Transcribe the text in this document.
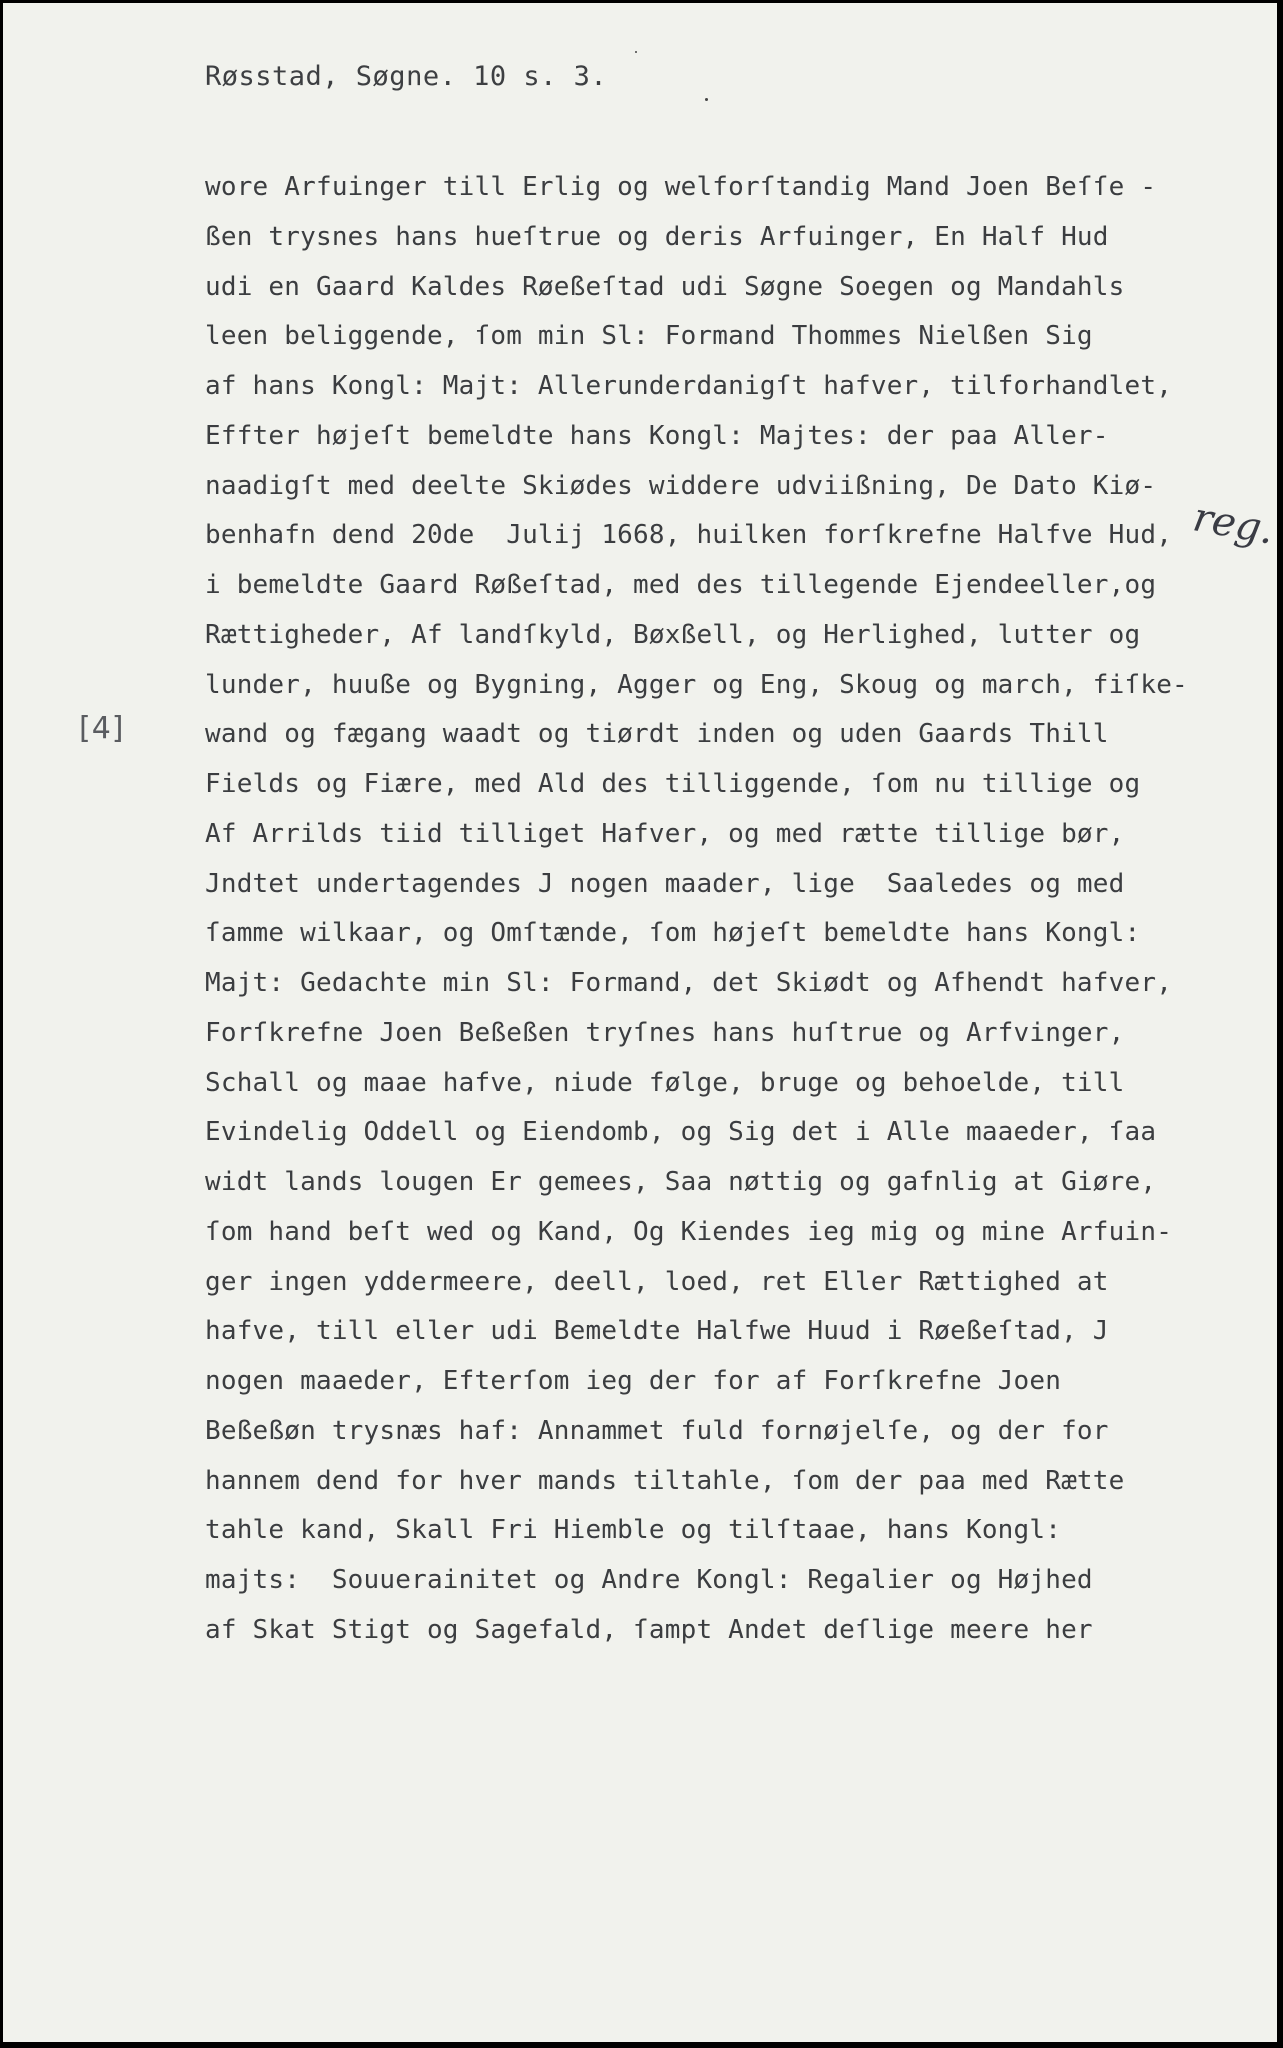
Røsstad, Søgne. 10 s. 3.
wore Arfuinger till Erlig og welforſtandig Mand Joen Beſſe -
ßen trysnes hans hueſtrue og deris Arfuinger, En Half Hud
udi en Gaard Kaldes Røeßeſtad udi Søgne Soegen og Mandahls
leen beliggende, ſom min Sl: Formand Thommes Nielßen Sig
af hans Kongl: Majt: Allerunderdanigſt hafver, tilforhandlet,
Effter højeſt bemeldte hans Kongl: Majtes: der paa Aller-
naadigſt med deelte Skiødes widdere udviißning, De Dato Kiø-
benhafn dend 20de  Julij 1668, huilken forſkrefne Halfve Hud,
i bemeldte Gaard Røßeſtad, med des tillegende Ejendeeller,og
Rættigheder, Af landſkyld, Bøxßell, og Herlighed, lutter og
lunder, huuße og Bygning, Agger og Eng, Skoug og march, fiſke-
wand og fægang waadt og tiørdt inden og uden Gaards Thill
Fields og Fiære, med Ald des tilliggende, ſom nu tillige og
Af Arrilds tiid tilliget Hafver, og med rætte tillige bør,
Jndtet undertagendes J nogen maader, lige  Saaledes og med
ſamme wilkaar, og Omſtænde, ſom højeſt bemeldte hans Kongl:
Majt: Gedachte min Sl: Formand, det Skiødt og Afhendt hafver,
Forſkrefne Joen Beßeßen tryſnes hans huſtrue og Arfvinger,
Schall og maae hafve, niude følge, bruge og behoelde, till
Evindelig Oddell og Eiendomb, og Sig det i Alle maaeder, ſaa
widt lands lougen Er gemees, Saa nøttig og gafnlig at Giøre,
ſom hand beſt wed og Kand, Og Kiendes ieg mig og mine Arfuin-
ger ingen yddermeere, deell, loed, ret Eller Rættighed at
hafve, till eller udi Bemeldte Halfwe Huud i Røeßeſtad, J
nogen maaeder, Efterſom ieg der for af Forſkrefne Joen
Beßeßøn trysnæs haf: Annammet fuld fornøjelſe, og der for
hannem dend for hver mands tiltahle, ſom der paa med Rætte
tahle kand, Skall Fri Hiemble og tilſtaae, hans Kongl:
majts:  Souuerainitet og Andre Kongl: Regalier og Højhed
af Skat Stigt og Sagefald, ſampt Andet deſlige meere her
[4]
reg.
